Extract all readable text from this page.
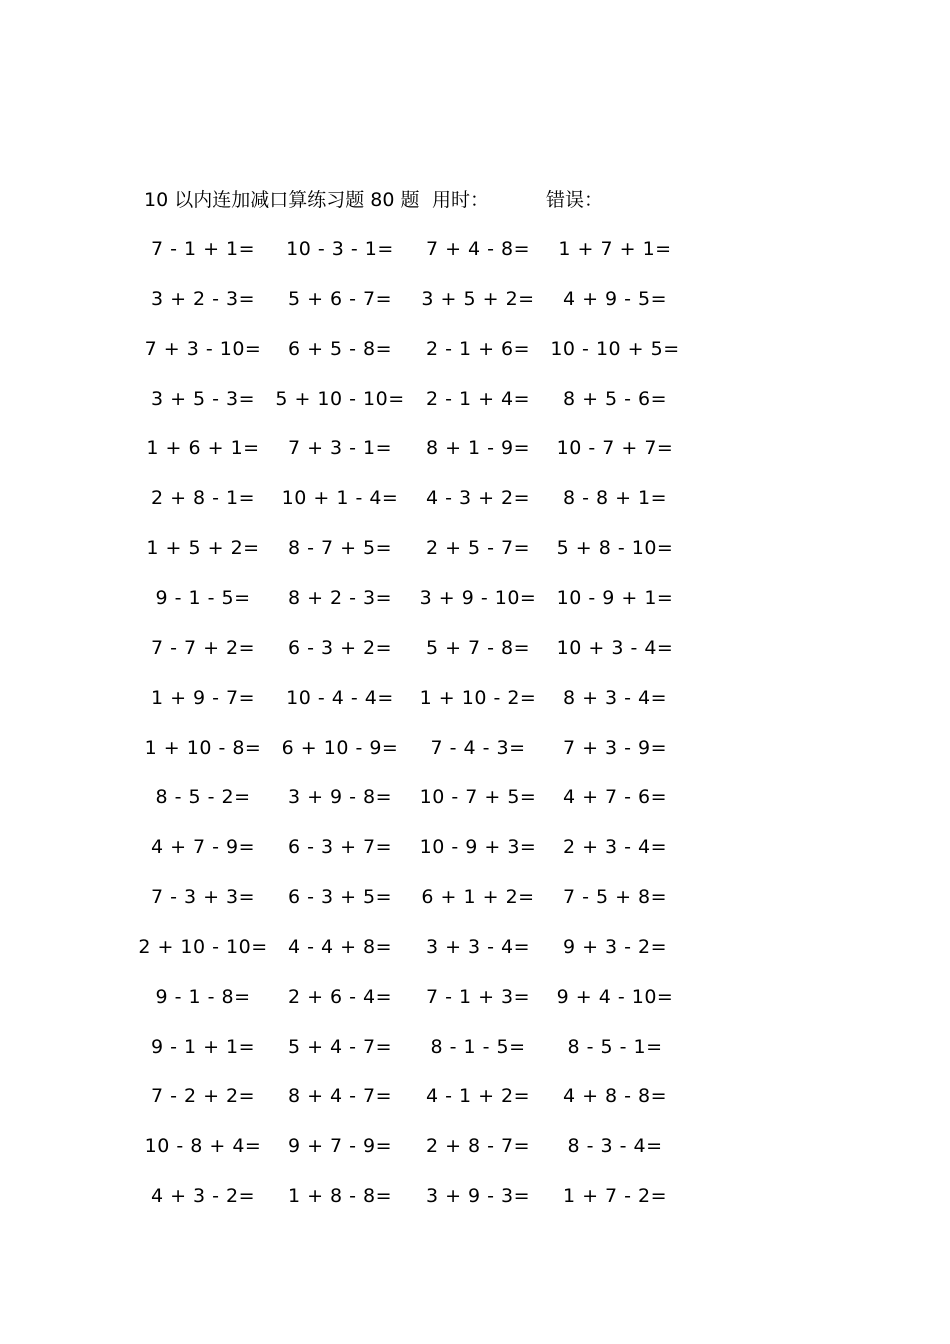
10 以内连加减口算练习题 80 题 用时：	错误：
7 - 1 + 1=	10 - 3 - 1=	7 + 4 - 8=	1 + 7 + 1=
3 + 2 - 3=	5 + 6 - 7=	3 + 5 + 2=	4 + 9 - 5=
7 + 3 - 10=	6 + 5 - 8=	2 - 1 + 6=	10 - 10 + 5=
3 + 5 - 3=	5 + 10 - 10=	2 - 1 + 4=	8 + 5 - 6=
1 + 6 + 1=	7 + 3 - 1=	8 + 1 - 9=	10 - 7 + 7=
2 + 8 - 1=	10 + 1 - 4=	4 - 3 + 2=	8 - 8 + 1=
1 + 5 + 2=	8 - 7 + 5=	2 + 5 - 7=	5 + 8 - 10=
9 - 1 - 5=	8 + 2 - 3=	3 + 9 - 10=	10 - 9 + 1=
7 - 7 + 2=	6 - 3 + 2=	5 + 7 - 8=	10 + 3 - 4=
1 + 9 - 7=	10 - 4 - 4=	1 + 10 - 2=	8 + 3 - 4=
1 + 10 - 8=	6 + 10 - 9=	7 - 4 - 3=	7 + 3 - 9=
8 - 5 - 2=	3 + 9 - 8=	10 - 7 + 5=	4 + 7 - 6=
4 + 7 - 9=	6 - 3 + 7=	10 - 9 + 3=	2 + 3 - 4=
7 - 3 + 3=	6 - 3 + 5=	6 + 1 + 2=	7 - 5 + 8=
2 + 10 - 10=	4 - 4 + 8=	3 + 3 - 4=	9 + 3 - 2=
9 - 1 - 8=	2 + 6 - 4=	7 - 1 + 3=	9 + 4 - 10=
9 - 1 + 1=	5 + 4 - 7=	8 - 1 - 5=	8 - 5 - 1=
7 - 2 + 2=	8 + 4 - 7=	4 - 1 + 2=	4 + 8 - 8=
10 - 8 + 4=	9 + 7 - 9=	2 + 8 - 7=	8 - 3 - 4=
4 + 3 - 2=	1 + 8 - 8=	3 + 9 - 3=	1 + 7 - 2=
